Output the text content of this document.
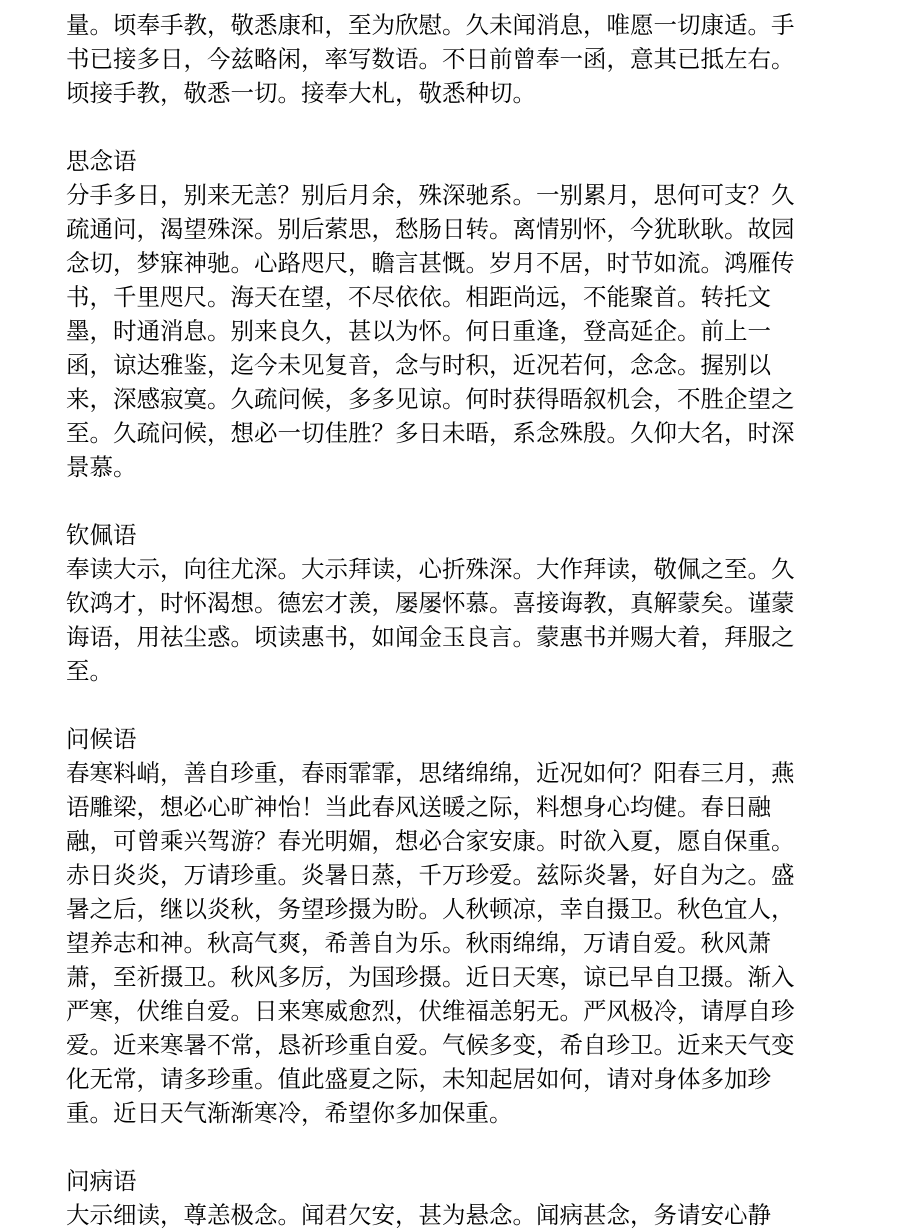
量。顷奉手教，敬悉康和，至为欣慰。久未闻消息，唯愿一切康适。手
书已接多日，今兹略闲，率写数语。不日前曾奉一函，意其已抵左右。
顷接手教，敬悉一切。接奉大札，敬悉种切。
思念语
分手多日，别来无恙？别后月余，殊深驰系。一别累月，思何可支？久
疏通问，渴望殊深。别后萦思，愁肠日转。离情别怀，今犹耿耿。故园
念切，梦寐神驰。心路咫尺，瞻言甚慨。岁月不居，时节如流。鸿雁传
书，千里咫尺。海天在望，不尽依依。相距尚远，不能聚首。转托文
墨，时通消息。别来良久，甚以为怀。何日重逢，登高延企。前上一
函，谅达雅鉴，迄今未见复音，念与时积，近况若何，念念。握别以
来，深感寂寞。久疏问候，多多见谅。何时获得晤叙机会，不胜企望之
至。久疏问候，想必一切佳胜？多日未晤，系念殊殷。久仰大名，时深
景慕。
钦佩语
奉读大示，向往尤深。大示拜读，心折殊深。大作拜读，敬佩之至。久
钦鸿才，时怀渴想。德宏才羡，屡屡怀慕。喜接诲教，真解蒙矣。谨蒙
诲语，用祛尘惑。顷读惠书，如闻金玉良言。蒙惠书并赐大着，拜服之
至。
问候语
春寒料峭，善自珍重，春雨霏霏，思绪绵绵，近况如何？阳春三月，燕
语雕梁，想必心旷神怡！当此春风送暖之际，料想身心均健。春日融
融，可曾乘兴驾游？春光明媚，想必合家安康。时欲入夏，愿自保重。
赤日炎炎，万请珍重。炎暑日蒸，千万珍爱。兹际炎暑，好自为之。盛
暑之后，继以炎秋，务望珍摄为盼。人秋顿凉，幸自摄卫。秋色宜人，
望养志和神。秋高气爽，希善自为乐。秋雨绵绵，万请自爱。秋风萧
萧，至祈摄卫。秋风多厉，为国珍摄。近日天寒，谅已早自卫摄。渐入
严寒，伏维自爱。日来寒威愈烈，伏维福恙躬无。严风极冷，请厚自珍
爱。近来寒暑不常，恳祈珍重自爱。气候多变，希自珍卫。近来天气变
化无常，请多珍重。值此盛夏之际，未知起居如何，请对身体多加珍
重。近日天气渐渐寒冷，希望你多加保重。
问病语
大示细读，尊恙极念。闻君欠安，甚为悬念。闻病甚念，务请安心静
